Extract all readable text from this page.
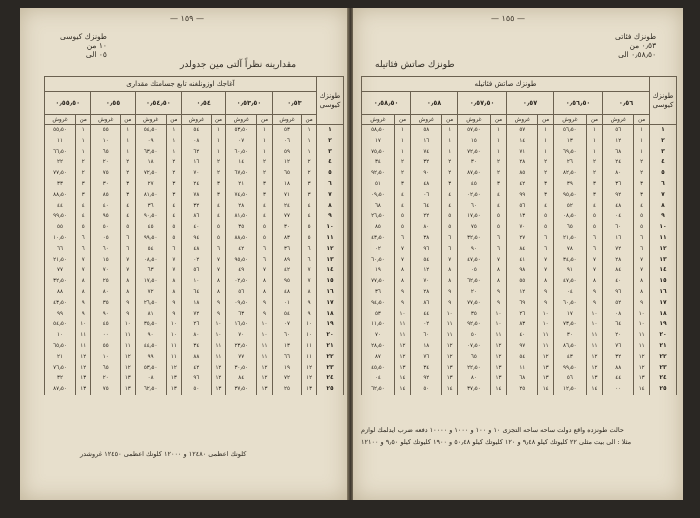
— ١٥٩ —
طونزك كيوسى
١٠ من
٠٥ الى
مقدارينه نظراً آلتی مين جدولدر
آغاجك اوزونلغنه تابع جسامتك مقدارى												طونزك
كيوسى

٠٫٥٥٫٥٠		٠٫٥٥		٠٫٥٤٫٥٠		٠٫٥٤		٠٫٥٣٫٥٠		٠٫٥٣		
غروش	من	غروش	من	غروش	من	غروش	من	غروش	من	غروش	من	
٥٥٫٥٠	١	٥٥	١	٥٤٫٥٠	١	٥٤	١	٥٣٫٥٠	١	٥٣	١	١
١١	١	١٠	١	٠٩	١	٠٨	١	٠٧	١	٠٦	١	٢
٦٦٫٥٠	١	٦٥	١	٦٣٫٥٠	١	٦٢	١	٦٠٫٥٠	١	٥٩	١	٣
٢٢	٢	٢٠	٢	١٨	٢	١٦	٢	١٤	٢	١٢	٢	٤
٧٧٫٥٠	٢	٧٥	٢	٧٢٫٥٠	٢	٧٠	٢	٦٧٫٥٠	٢	٦٥	٢	٥
٣٣	٣	٣٠	٣	٢٧	٣	٢٤	٣	٢١	٣	١٨	٣	٦
٨٨٫٥٠	٣	٨٥	٣	٨١٫٥٠	٣	٧٨	٣	٧٤٫٥٠	٣	٧١	٣	٧
٤٤	٤	٤٠	٤	٣٦	٤	٣٢	٤	٢٨	٤	٢٤	٤	٨
٩٩٫٥٠	٤	٩٥	٤	٩٠٫٥٠	٤	٨٦	٤	٨١٫٥٠	٤	٧٧	٤	٩
٥٥	٥	٥٠	٥	٤٥	٥	٤٠	٥	٣٥	٥	٣٠	٥	١٠
١٠٫٥٠	٦	٠٥	٦	٩٩٫٥٠	٥	٩٤	٥	٨٨٫٥٠	٥	٨٣	٥	١١
٦٦	٦	٦٠	٦	٥٤	٦	٤٨	٦	٤٢	٦	٣٦	٦	١٢
٢١٫٥٠	٧	١٥	٧	٠٨٫٥٠	٧	٠٢	٧	٩٥٫٥٠	٦	٨٩	٦	١٣
٧٧	٧	٧٠	٧	٦٣	٧	٥٦	٧	٤٩	٧	٤٢	٧	١٤
٣٢٫٥٠	٨	٢٥	٨	١٧٫٥٠	٨	١٠	٨	٠٢٫٥٠	٨	٩٥	٧	١٥
٨٨	٨	٨٠	٨	٧٢	٨	٦٤	٨	٥٦	٨	٤٨	٨	١٦
٤٣٫٥٠	٩	٣٥	٩	٢٦٫٥٠	٩	١٨	٩	٠٩٫٥٠	٩	٠١	٩	١٧
٩٩	٩	٩٠	٩	٨١	٩	٧٢	٩	٦٣	٩	٥٤	٩	١٨
٥٤٫٥٠	١٠	٤٥	١٠	٣٥٫٥٠	١٠	٢٦	١٠	١٦٫٥٠	١٠	٠٧	١٠	١٩
١٠	١١	٠٠	١١	٩٠	١٠	٨٠	١٠	٧٠	١٠	٦٠	١٠	٢٠
٦٥٫٥٠	١١	٥٥	١١	٤٤٫٥٠	١١	٣٤	١١	٢٣٫٥٠	١١	١٣	١١	٢١
٢١	١٢	١٠	١٢	٩٩	١١	٨٨	١١	٧٧	١١	٦٦	١١	٢٢
٧٦٫٥٠	١٢	٦٥	١٢	٥٣٫٥٠	١٢	٤٢	١٢	٣٠٫٥٠	١٢	١٩	١٢	٢٣
٣٢	١٣	٢٠	١٣	٠٨	١٣	٩٦	١٢	٨٤	١٢	٧٢	١٢	٢٤
٨٧٫٥٠	١٣	٧٥	١٣	٦٢٫٥٠	١٣	٥٠	١٣	٣٧٫٥٠	١٣	٢٥	١٣	٢٥
كلونك اعظمى ١٢٤٨٠ و ١٢٠٠٠ كلونك اعظمى ١٢٤٥٠ غروشدر
— ١٥٥ —
طونزك فئاتى
٠٫٥٣ من
٠٫٥٨٫٥٠ الى
طونزك صاتش فئاتيله
طونزك صاتش فئاتيله												طونزك
كيوسى

٠٫٥٨٫٥٠		٠٫٥٨		٠٫٥٧٫٥٠		٠٫٥٧		٠٫٥٦٫٥٠		٠٫٥٦		
غروش	من	غروش	من	غروش	من	غروش	من	غروش	من	غروش	من	
٥٨٫٥٠	١	٥٨	١	٥٧٫٥٠	١	٥٧	١	٥٦٫٥٠	١	٥٦	١	١
١٧	١	١٦	١	١٥	١	١٤	١	١٣	١	١٢	١	٢
٧٥٫٥٠	١	٧٤	١	٧٢٫٥٠	١	٧١	١	٦٩٫٥٠	١	٦٨	١	٣
٣٤	٢	٣٢	٢	٣٠	٢	٢٨	٢	٢٦	٢	٢٤	٢	٤
٩٢٫٥٠	٢	٩٠	٢	٨٧٫٥٠	٢	٨٥	٢	٨٢٫٥٠	٢	٨٠	٢	٥
٥١	٣	٤٨	٣	٤٥	٣	٤٢	٣	٣٩	٣	٣٦	٣	٦
٠٩٫٥٠	٤	٠٦	٤	٠٢٫٥٠	٤	٩٩	٣	٩٥٫٥٠	٣	٩٢	٣	٧
٦٨	٤	٦٤	٤	٦٠	٤	٥٦	٤	٥٢	٤	٤٨	٤	٨
٢٦٫٥٠	٥	٢٢	٥	١٧٫٥٠	٥	١٣	٥	٠٨٫٥٠	٥	٠٤	٥	٩
٨٥	٥	٨٠	٥	٧٥	٥	٧٠	٥	٦٥	٥	٦٠	٥	١٠
٤٣٫٥٠	٦	٣٨	٦	٣٢٫٥٠	٦	٢٧	٦	٢١٫٥٠	٦	١٦	٦	١١
٠٢	٧	٩٦	٦	٩٠	٦	٨٤	٦	٧٨	٦	٧٢	٦	١٢
٦٠٫٥٠	٧	٥٤	٧	٤٧٫٥٠	٧	٤١	٧	٣٤٫٥٠	٧	٢٨	٧	١٣
١٩	٨	١٢	٨	٠٥	٨	٩٨	٧	٩١	٧	٨٤	٧	١٤
٧٧٫٥٠	٨	٧٠	٨	٦٢٫٥٠	٨	٥٥	٨	٤٧٫٥٠	٨	٤٠	٨	١٥
٣٦	٩	٢٨	٩	٢٠	٩	١٢	٩	٠٤	٩	٩٦	٨	١٦
٩٤٫٥٠	٩	٨٦	٩	٧٧٫٥٠	٩	٦٩	٩	٦٠٫٥٠	٩	٥٢	٩	١٧
٥٣	١٠	٤٤	١٠	٣٥	١٠	٢٦	١٠	١٧	١٠	٠٨	١٠	١٨
١١٫٥٠	١١	٠٢	١١	٩٢٫٥٠	١٠	٨٣	١٠	٧٣٫٥٠	١٠	٦٤	١٠	١٩
٧٠	١١	٦٠	١١	٥٠	١١	٤٠	١١	٣٠	١١	٢٠	١١	٢٠
٢٨٫٥٠	١٢	١٨	١٢	٠٧٫٥٠	١٢	٩٧	١١	٨٦٫٥٠	١١	٧٦	١١	٢١
٨٧	١٢	٧٦	١٢	٦٥	١٢	٥٤	١٢	٤٣	١٢	٣٢	١٢	٢٢
٤٥٫٥٠	١٣	٣٤	١٣	٢٢٫٥٠	١٣	١١	١٣	٩٩٫٥٠	١٢	٨٨	١٢	٢٣
٠٤	١٤	٩٢	١٣	٨٠	١٣	٦٨	١٣	٥٦	١٣	٤٤	١٣	٢٤
٦٢٫٥٠	١٤	٥٠	١٤	٣٧٫٥٠	١٤	٢٥	١٤	١٢٫٥٠	١٤	٠٠	١٤	٢٥
حالت طونزده واقع دولت ساحه ساحه التجزى ١٠ و ١٠٠ و ١٠٠٠ و ١٠٠٠٠ دفعه ضرب ايدلمك لوازم
مثلا : الى بيت مثلى ٢٢ كليوتك كيلو ٩٫٤٨ و ١٢٠ كليوتك كيلو ٥٠٫٤٨ و ١٩٠٠ كليوتك كيلو ٩٫٥٠ و ١٢١٠٠
